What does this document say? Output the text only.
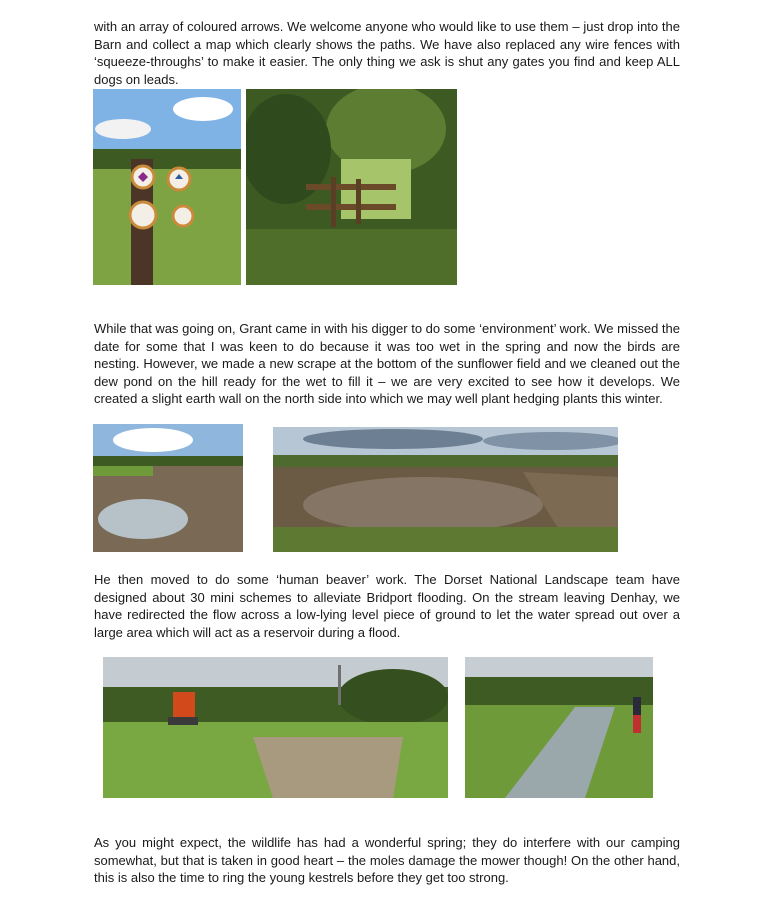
with an array of coloured arrows. We welcome anyone who would like to use them – just drop into the Barn and collect a map which clearly shows the paths. We have also replaced any wire fences with ‘squeeze-throughs’ to make it easier. The only thing we ask is shut any gates you find and keep ALL dogs on leads.

While that was going on, Grant came in with his digger to do some ‘environment’ work. We missed the date for some that I was keen to do because it was too wet in the spring and now the birds are nesting. However, we made a new scrape at the bottom of the sunflower field and we cleaned out the dew pond on the hill ready for the wet to fill it – we are very excited to see how it develops. We created a slight earth wall on the north side into which we may well plant hedging plants this winter.

He then moved to do some ‘human beaver’ work. The Dorset National Landscape team have designed about 30 mini schemes to alleviate Bridport flooding. On the stream leaving Denhay, we have redirected the flow across a low-lying level piece of ground to let the water spread out over a large area which will act as a reservoir during a flood.

As you might expect, the wildlife has had a wonderful spring; they do interfere with our camping somewhat, but that is taken in good heart – the moles damage the mower though! On the other hand, this is also the time to ring the young kestrels before they get too strong.
